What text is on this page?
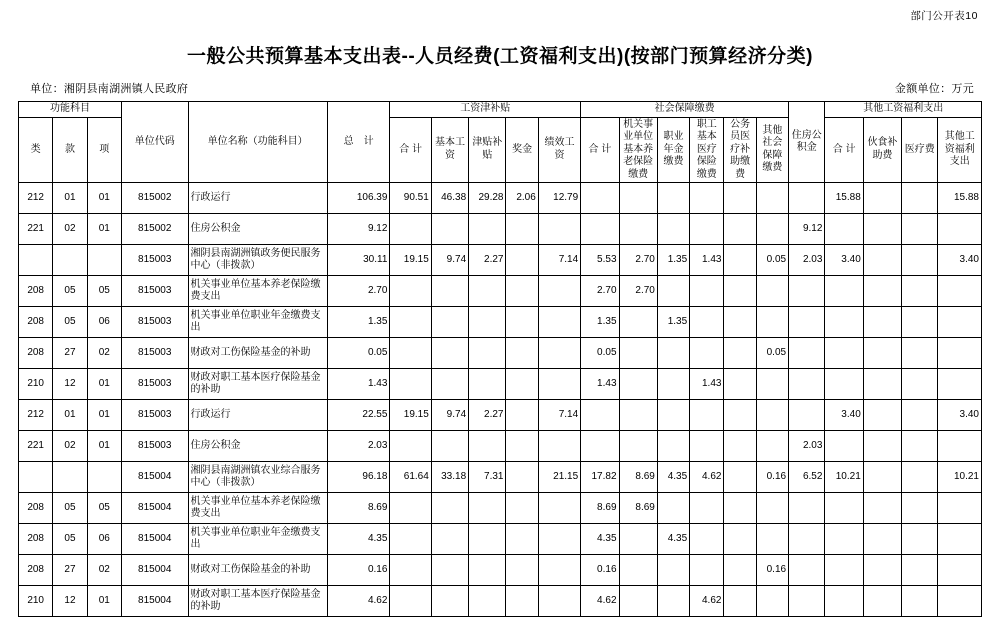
部门公开表10
一般公共预算基本支出表--人员经费(工资福利支出)(按部门预算经济分类)
单位：湘阴县南湖洲镇人民政府	金额单位：万元
功能科目			单位代码	单位名称（功能科目）	总　计	工资津补贴					社会保障缴费						住房公积金	其他工资福利支出			
类	款	项				合 计	基本工资	津贴补贴	奖金	绩效工资	合 计	机关事业单位基本养老保险缴费	职业年金缴费	职工基本医疗保险缴费	公务员医疗补助缴费	其他社会保障缴费		合 计	伙食补助费	医疗费	其他工资福利支出
212	01	01	815002	行政运行	106.39	90.51	46.38	29.28	2.06	12.79								15.88			15.88
221	02	01	815002	住房公积金	9.12												9.12				
			815003	湘阴县南湖洲镇政务便民服务中心（非拨款）	30.11	19.15	9.74	2.27		7.14	5.53	2.70	1.35	1.43		0.05	2.03	3.40			3.40
208	05	05	815003	机关事业单位基本养老保险缴费支出	2.70						2.70	2.70									
208	05	06	815003	机关事业单位职业年金缴费支出	1.35						1.35		1.35								
208	27	02	815003	财政对工伤保险基金的补助	0.05						0.05					0.05					
210	12	01	815003	财政对职工基本医疗保险基金的补助	1.43						1.43			1.43							
212	01	01	815003	行政运行	22.55	19.15	9.74	2.27		7.14								3.40			3.40
221	02	01	815003	住房公积金	2.03												2.03				
			815004	湘阴县南湖洲镇农业综合服务中心（非拨款）	96.18	61.64	33.18	7.31		21.15	17.82	8.69	4.35	4.62		0.16	6.52	10.21			10.21
208	05	05	815004	机关事业单位基本养老保险缴费支出	8.69						8.69	8.69									
208	05	06	815004	机关事业单位职业年金缴费支出	4.35						4.35		4.35								
208	27	02	815004	财政对工伤保险基金的补助	0.16						0.16					0.16					
210	12	01	815004	财政对职工基本医疗保险基金的补助	4.62						4.62			4.62							
